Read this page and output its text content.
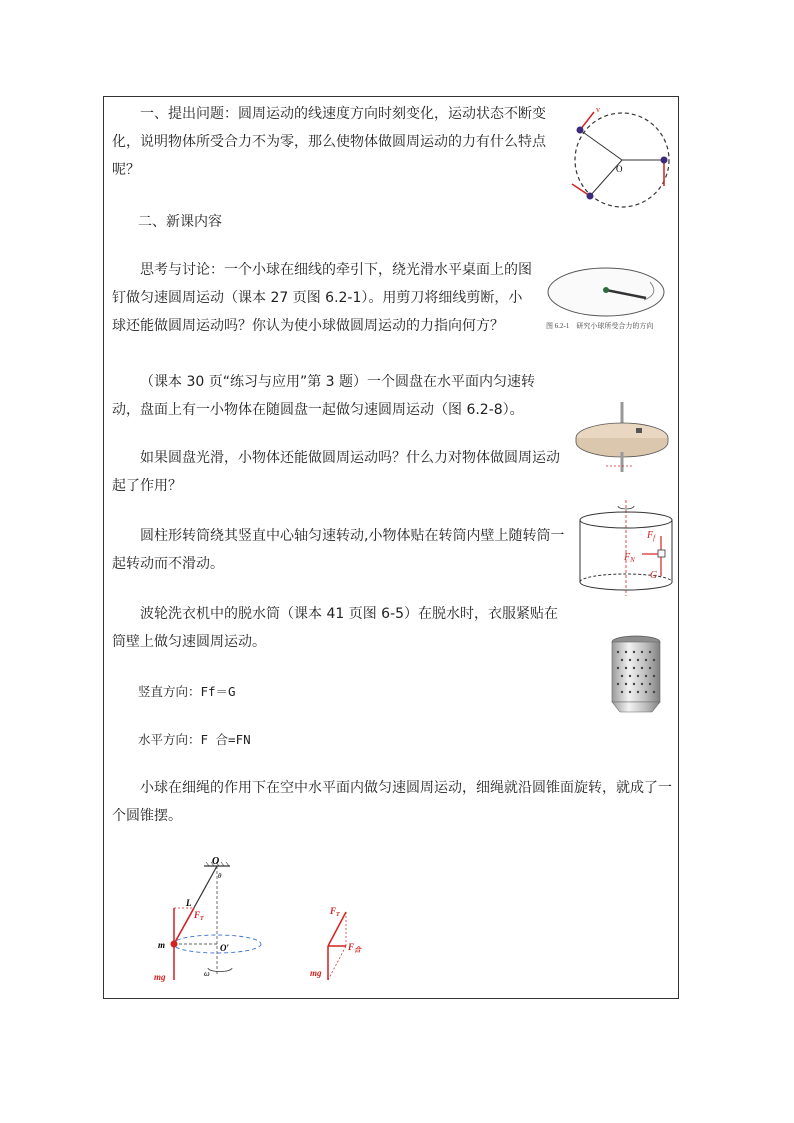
一、提出问题：圆周运动的线速度方向时刻变化，运动状态不断变化，说明物体所受合力不为零，那么使物体做圆周运动的力有什么特点呢？	O
v

二、新课内容

思考与讨论：一个小球在细线的牵引下，绕光滑水平桌面上的图钉做匀速圆周运动（课本 27 页图 6.2-1）。用剪刀将细线剪断，小球还能做圆周运动吗？你认为使小球做圆周运动的力指向何方？	图 6.2-1　研究小球所受合力的方向

（课本 30 页“练习与应用”第 3 题）一个圆盘在水平面内匀速转动，盘面上有一小物体在随圆盘一起做匀速圆周运动（图 6.2-8）。

如果圆盘光滑，小物体还能做圆周运动吗？什么力对物体做圆周运动起了作用？

圆柱形转筒绕其竖直中心轴匀速转动,小物体贴在转筒内壁上随转筒一起转动而不滑动。

$F_f$
$F_N$
G

波轮洗衣机中的脱水筒（课本 41 页图 6-5）在脱水时，衣服紧贴在筒壁上做匀速圆周运动。

竖直方向：Ff＝G

水平方向：F 合=FN

小球在细绳的作用下在空中水平面内做匀速圆周运动，细绳就沿圆锥面旋转，就成了一个圆锥摆。

O
θ
L
m	O′
$F_T$
mg	ω
$F_T$
$F_合$
mg
